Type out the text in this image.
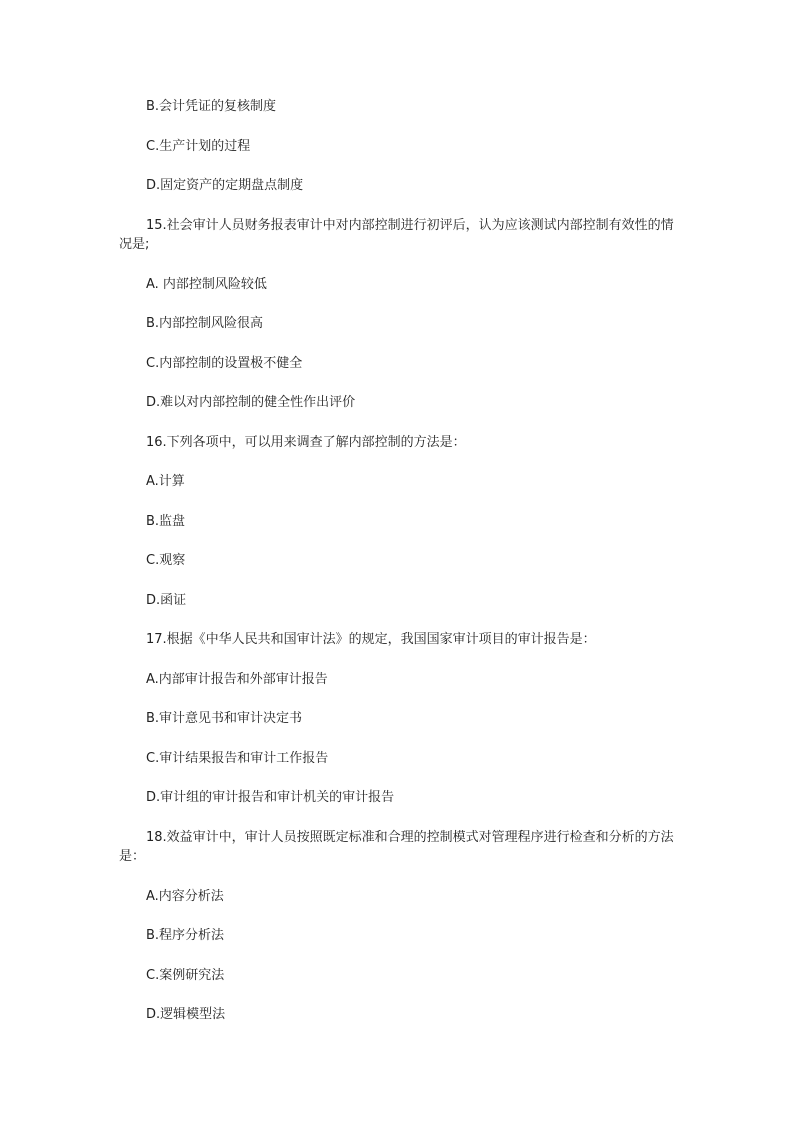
B.会计凭证的复核制度

C.生产计划的过程

D.固定资产的定期盘点制度

15.社会审计人员财务报表审计中对内部控制进行初评后，认为应该测试内部控制有效性的情况是;

A. 内部控制风险较低

B.内部控制风险很高

C.内部控制的设置极不健全

D.难以对内部控制的健全性作出评价

16.下列各项中，可以用来调查了解内部控制的方法是：

A.计算

B.监盘

C.观察

D.函证

17.根据《中华人民共和国审计法》的规定，我国国家审计项目的审计报告是：

A.内部审计报告和外部审计报告

B.审计意见书和审计决定书

C.审计结果报告和审计工作报告

D.审计组的审计报告和审计机关的审计报告

18.效益审计中，审计人员按照既定标准和合理的控制模式对管理程序进行检查和分析的方法是：

A.内容分析法

B.程序分析法

C.案例研究法

D.逻辑模型法
